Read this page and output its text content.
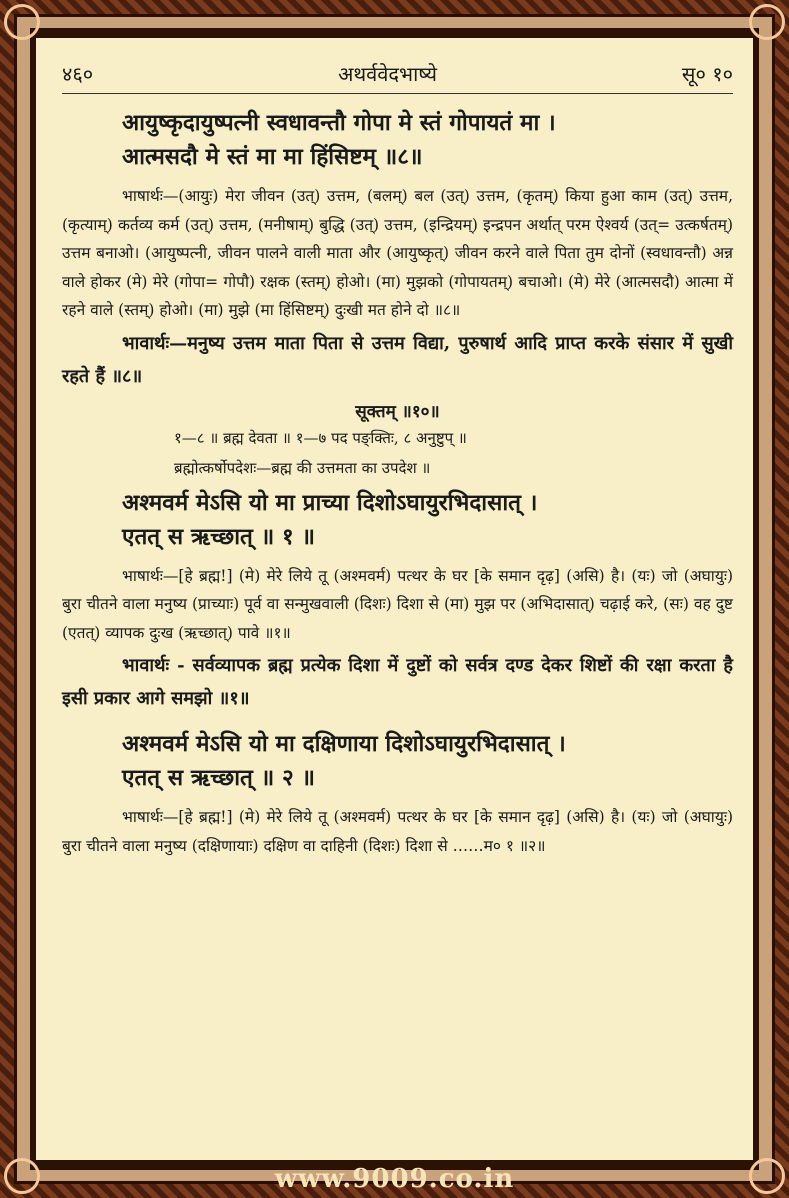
४६०	अथर्ववेदभाष्ये	सू० १०
आयुष्कृदायुष्पत्नी स्वधावन्तौ गोपा मे स्तं गोपायतं मा ।
आत्मसदौ मे स्तं मा मा हिंसिष्टम् ॥८॥
भाषार्थः—(आयुः) मेरा जीवन (उत्) उत्तम, (बलम्) बल (उत्) उत्तम, (कृतम्) किया हुआ काम (उत्) उत्तम, (कृत्याम्) कर्तव्य कर्म (उत्) उत्तम, (मनीषाम्) बुद्धि (उत्) उत्तम, (इन्द्रियम्) इन्द्रपन अर्थात् परम ऐश्वर्य (उत्= उत्कर्षतम्) उत्तम बनाओ। (आयुष्पत्नी, जीवन पालने वाली माता और (आयुष्कृत्) जीवन करने वाले पिता तुम दोनों (स्वधावन्तौ) अन्न वाले होकर (मे) मेरे (गोपा= गोपौ) रक्षक (स्तम्) होओ। (मा) मुझको (गोपायतम्) बचाओ। (मे) मेरे (आत्मसदौ) आत्मा में रहने वाले (स्तम्) होओ। (मा) मुझे (मा हिंसिष्टम्) दुःखी मत होने दो ॥८॥
भावार्थः—मनुष्य उत्तम माता पिता से उत्तम विद्या, पुरुषार्थ आदि प्राप्त करके संसार में सुखी रहते हैं ॥८॥
सूक्तम् ॥१०॥
१—८ ॥ ब्रह्म देवता ॥ १—७ पद पङ्क्तिः, ८ अनुष्टुप् ॥
ब्रह्मोत्कर्षोपदेशः—ब्रह्म की उत्तमता का उपदेश ॥
अश्मवर्म मेऽसि यो मा प्राच्या दिशोऽघायुरभिदासात् ।
एतत् स ऋच्छात् ॥ १ ॥
भाषार्थः—[हे ब्रह्म!] (मे) मेरे लिये तू (अश्मवर्म) पत्थर के घर [के समान दृढ़] (असि) है। (यः) जो (अघायुः) बुरा चीतने वाला मनुष्य (प्राच्याः) पूर्व वा सन्मुखवाली (दिशः) दिशा से (मा) मुझ पर (अभिदासात्) चढ़ाई करे, (सः) वह दुष्ट (एतत्) व्यापक दुःख (ऋच्छात्) पावे ॥१॥
भावार्थः - सर्वव्यापक ब्रह्म प्रत्येक दिशा में दुष्टों को सर्वत्र दण्ड देकर शिष्टों की रक्षा करता है इसी प्रकार आगे समझो ॥१॥
अश्मवर्म मेऽसि यो मा दक्षिणाया दिशोऽघायुरभिदासात् ।
एतत् स ऋच्छात् ॥ २ ॥
भाषार्थः—[हे ब्रह्म!] (मे) मेरे लिये तू (अश्मवर्म) पत्थर के घर [के समान दृढ़] (असि) है। (यः) जो (अघायुः) बुरा चीतने वाला मनुष्य (दक्षिणायाः) दक्षिण वा दाहिनी (दिशः) दिशा से ……म० १ ॥२॥
www.9009.co.in
